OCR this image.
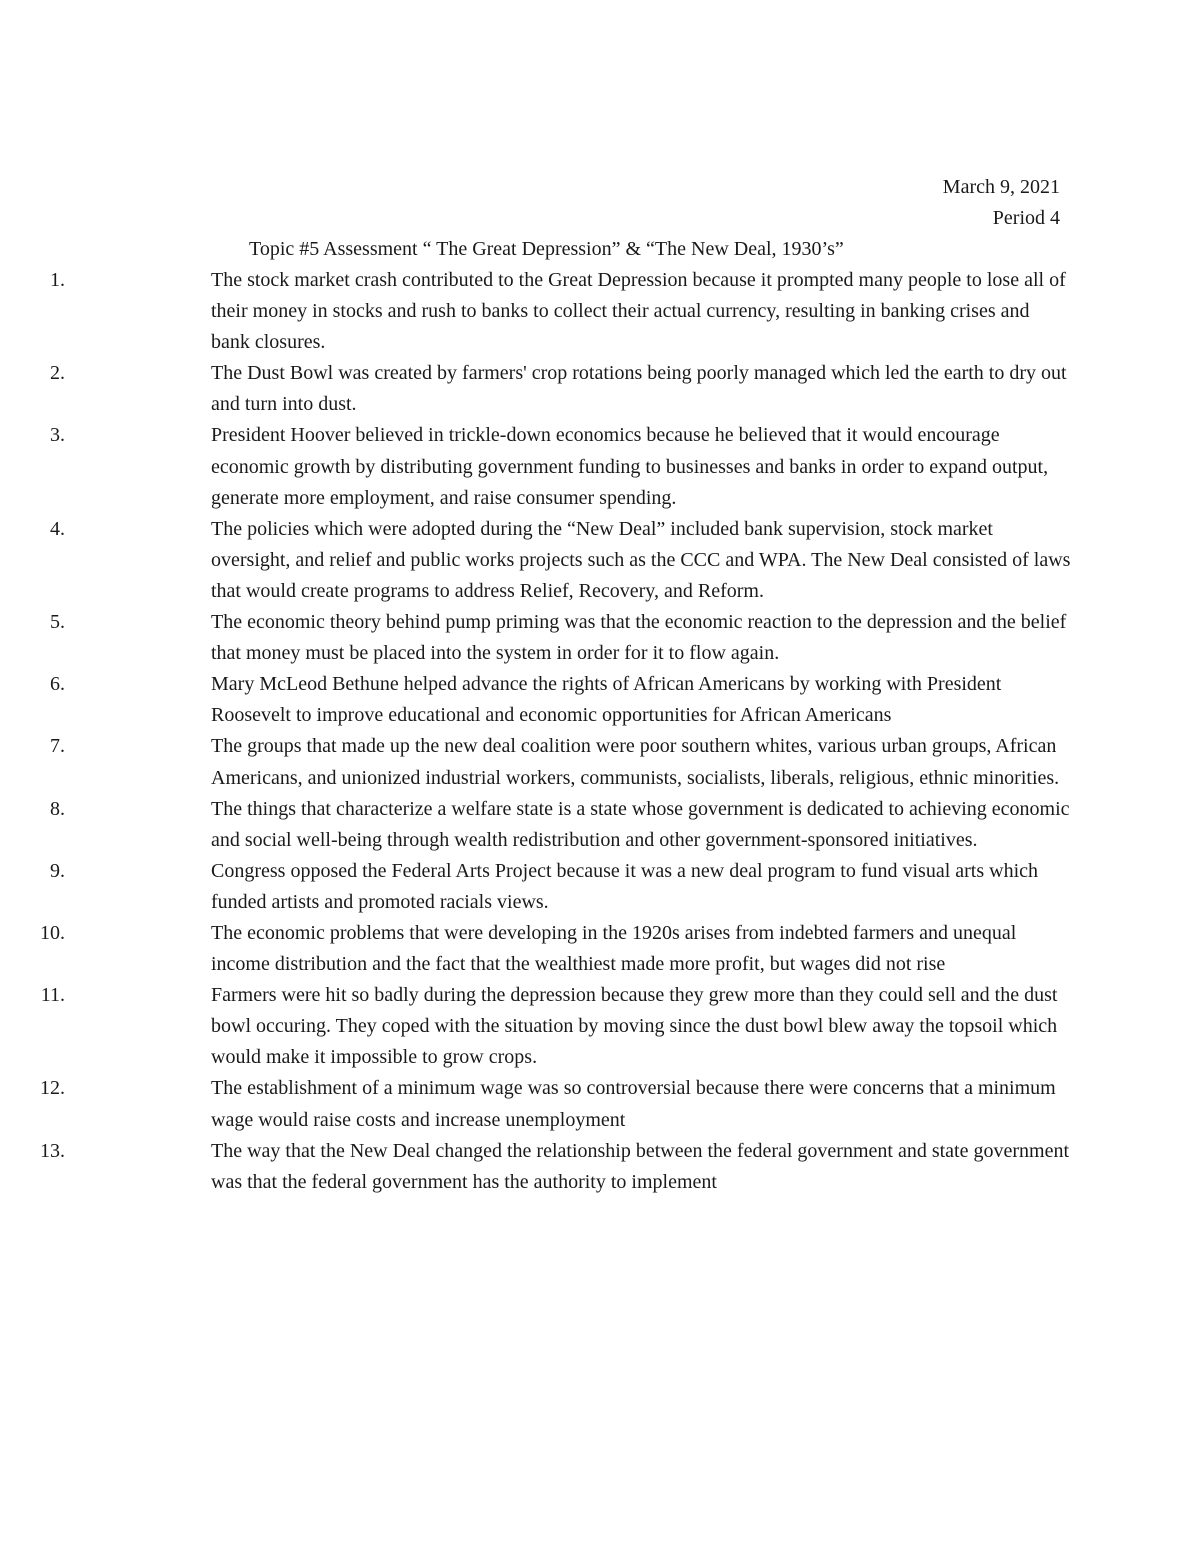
March 9, 2021
Period 4
Topic #5 Assessment “ The Great Depression” & “The New Deal, 1930’s”
1.	The stock market crash contributed to the Great Depression because it prompted many people to lose all of their money in stocks and rush to banks to collect their actual currency, resulting in banking crises and bank closures.
2.	The Dust Bowl was created by farmers' crop rotations being poorly managed which led the earth to dry out and turn into dust.
3.	President Hoover believed in trickle-down economics because he believed that it would encourage economic growth by distributing government funding to businesses and banks in order to expand output, generate more employment, and raise consumer spending.
4.	The policies which were adopted during the “New Deal” included bank supervision, stock market oversight, and relief and public works projects such as the CCC and WPA. The New Deal consisted of laws that would create programs to address Relief, Recovery, and Reform.
5.	The economic theory behind pump priming was that the economic reaction to the depression and the belief that money must be placed into the system in order for it to flow again.
6.	Mary McLeod Bethune helped advance the rights of African Americans by working with President Roosevelt to improve educational and economic opportunities for African Americans
7.	The groups that made up the new deal coalition were poor southern whites, various urban groups, African Americans, and unionized industrial workers, communists, socialists, liberals, religious, ethnic minorities.
8.	The things that characterize a welfare state is a state whose government is dedicated to achieving economic and social well-being through wealth redistribution and other government-sponsored initiatives.
9.	Congress opposed the Federal Arts Project because it was a new deal program to fund visual arts which funded artists and promoted racials views.
10.	The economic problems that were developing in the 1920s arises from indebted farmers and unequal income distribution and the fact that the wealthiest made more profit, but wages did not rise
11.	Farmers were hit so badly during the depression because they grew more than they could sell and the dust bowl occuring. They coped with the situation by moving since the dust bowl blew away the topsoil which would make it impossible to grow crops.
12.	The establishment of a minimum wage was so controversial because there were concerns that a minimum wage would raise costs and increase unemployment
13.	The way that the New Deal changed the relationship between the federal government and state government was that the federal government has the authority to implement
